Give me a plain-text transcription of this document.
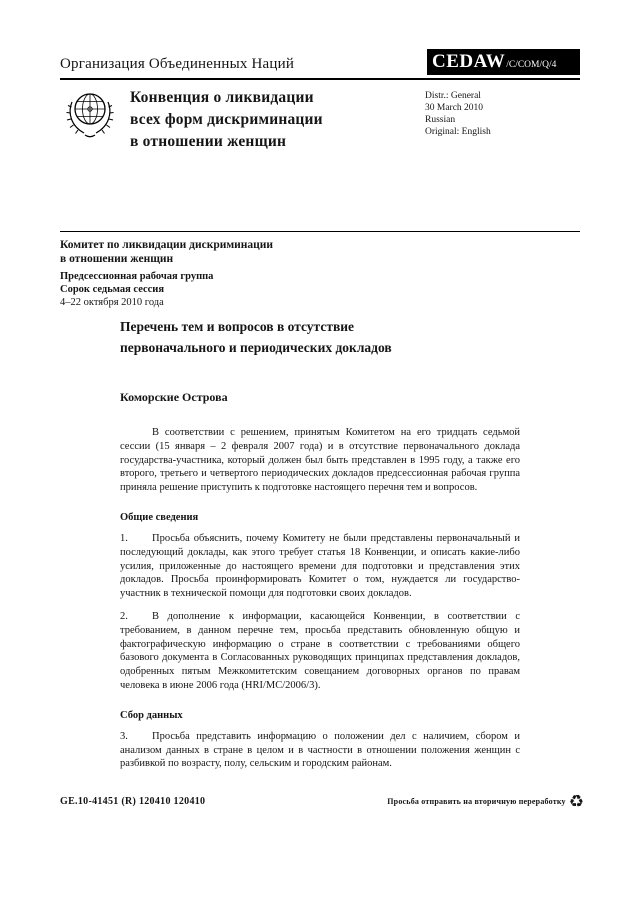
Организация Объединенных Наций	CEDAW /C/COM/Q/4
Конвенция о ликвидации
всех форм дискриминации
в отношении женщин
Distr.: General
30 March 2010
Russian
Original: English
Комитет по ликвидации дискриминации
в отношении женщин
Предсессионная рабочая группа
Сорок седьмая сессия
4–22 октября 2010 года
Перечень тем и вопросов в отсутствие
первоначального и периодических докладов
Коморские Острова

В соответствии с решением, принятым Комитетом на его тридцать седьмой сессии (15 января – 2 февраля 2007 года) и в отсутствие первоначального доклада государства-участника, который должен был быть представлен в 1995 году, а также его второго, третьего и четвертого периодических докладов предсессионная рабочая группа приняла решение приступить к подготовке настоящего перечня тем и вопросов.

Общие сведения

1. Просьба объяснить, почему Комитету не были представлены первоначальный и последующий доклады, как этого требует статья 18 Конвенции, и описать какие-либо усилия, приложенные до настоящего времени для подготовки и представления этих докладов. Просьба проинформировать Комитет о том, нуждается ли государство-участник в технической помощи для подготовки своих докладов.

2. В дополнение к информации, касающейся Конвенции, в соответствии с требованием, в данном перечне тем, просьба представить обновленную общую и фактографическую информацию о стране в соответствии с требованиями общего базового документа в Согласованных руководящих принципах представления докладов, одобренных пятым Межкомитетским совещанием договорных органов по правам человека в июне 2006 года (HRI/MC/2006/3).

Сбор данных

3. Просьба представить информацию о положении дел с наличием, сбором и анализом данных в стране в целом и в частности в отношении положения женщин с разбивкой по возрасту, полу, сельским и городским районам.

GE.10-41451 (R) 120410 120410	Просьба отправить на вторичную переработку ♻
